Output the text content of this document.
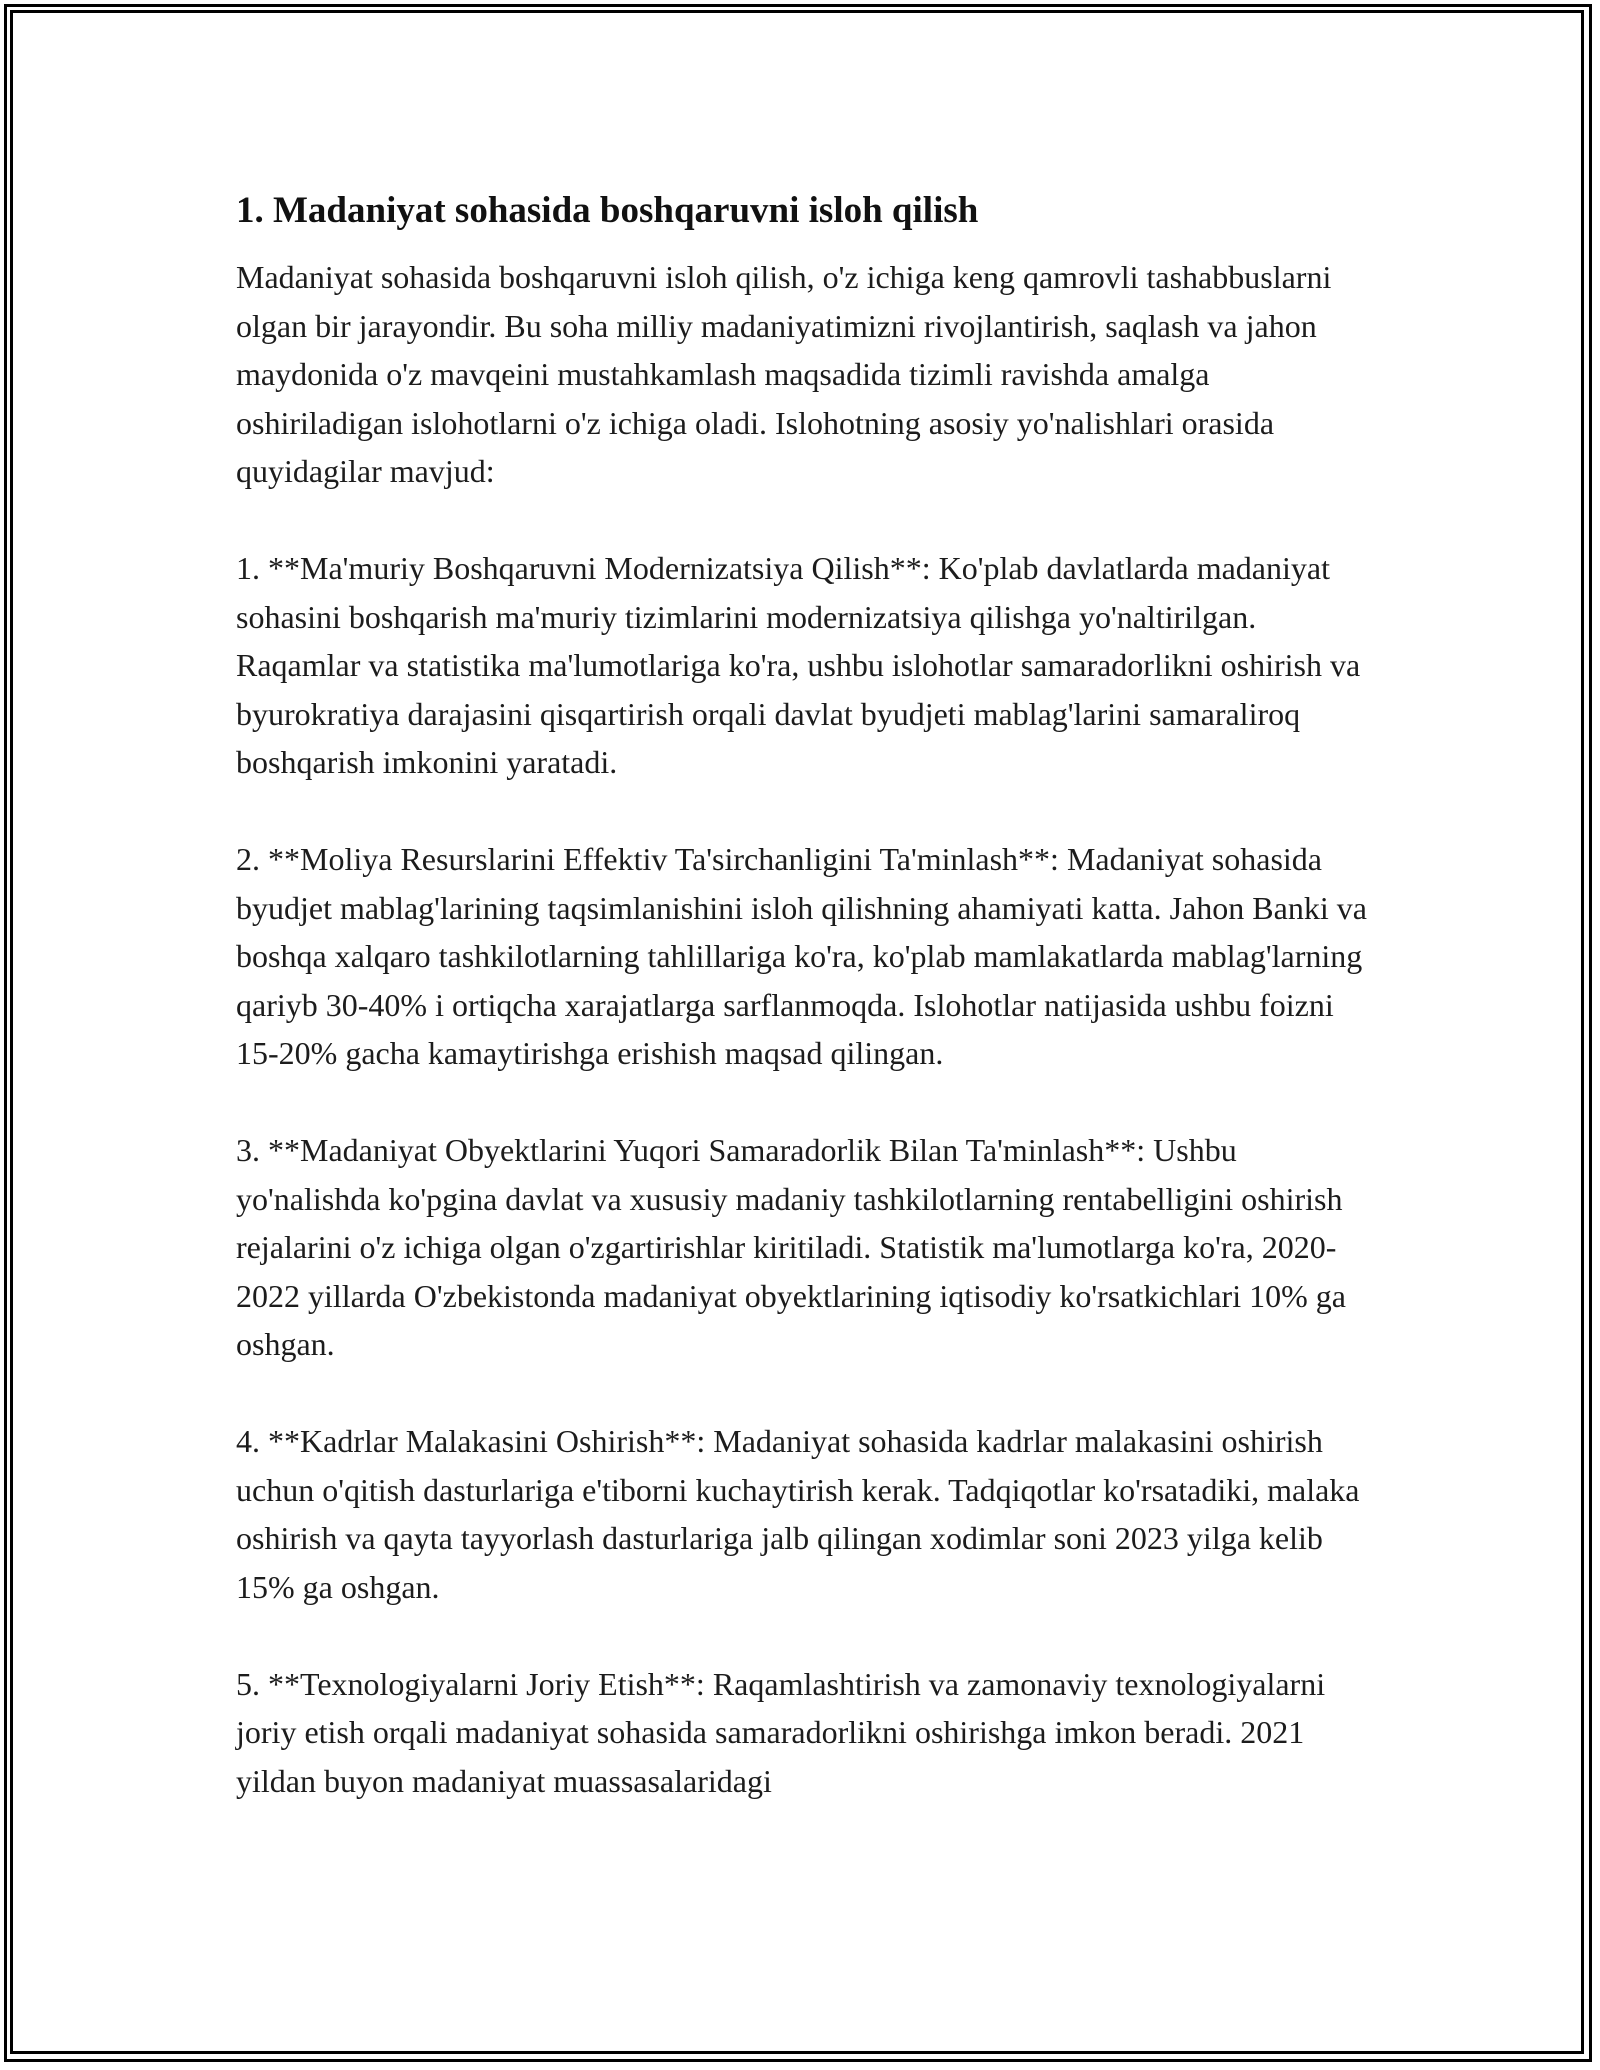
1. Madaniyat sohasida boshqaruvni isloh qilish

Madaniyat sohasida boshqaruvni isloh qilish, o'z ichiga keng qamrovli tashabbuslarni olgan bir jarayondir. Bu soha milliy madaniyatimizni rivojlantirish, saqlash va jahon maydonida o'z mavqeini mustahkamlash maqsadida tizimli ravishda amalga oshiriladigan islohotlarni o'z ichiga oladi. Islohotning asosiy yo'nalishlari orasida quyidagilar mavjud:

1. **Ma'muriy Boshqaruvni Modernizatsiya Qilish**: Ko'plab davlatlarda madaniyat sohasini boshqarish ma'muriy tizimlarini modernizatsiya qilishga yo'naltirilgan. Raqamlar va statistika ma'lumotlariga ko'ra, ushbu islohotlar samaradorlikni oshirish va byurokratiya darajasini qisqartirish orqali davlat byudjeti mablag'larini samaraliroq boshqarish imkonini yaratadi.

2. **Moliya Resurslarini Effektiv Ta'sirchanligini Ta'minlash**: Madaniyat sohasida byudjet mablag'larining taqsimlanishini isloh qilishning ahamiyati katta. Jahon Banki va boshqa xalqaro tashkilotlarning tahlillariga ko'ra, ko'plab mamlakatlarda mablag'larning qariyb 30-40% i ortiqcha xarajatlarga sarflanmoqda. Islohotlar natijasida ushbu foizni 15-20% gacha kamaytirishga erishish maqsad qilingan.

3. **Madaniyat Obyektlarini Yuqori Samaradorlik Bilan Ta'minlash**: Ushbu yo'nalishda ko'pgina davlat va xususiy madaniy tashkilotlarning rentabelligini oshirish rejalarini o'z ichiga olgan o'zgartirishlar kiritiladi. Statistik ma'lumotlarga ko'ra, 2020-2022 yillarda O'zbekistonda madaniyat obyektlarining iqtisodiy ko'rsatkichlari 10% ga oshgan.

4. **Kadrlar Malakasini Oshirish**: Madaniyat sohasida kadrlar malakasini oshirish uchun o'qitish dasturlariga e'tiborni kuchaytirish kerak. Tadqiqotlar ko'rsatadiki, malaka oshirish va qayta tayyorlash dasturlariga jalb qilingan xodimlar soni 2023 yilga kelib 15% ga oshgan.

5. **Texnologiyalarni Joriy Etish**: Raqamlashtirish va zamonaviy texnologiyalarni joriy etish orqali madaniyat sohasida samaradorlikni oshirishga imkon beradi. 2021 yildan buyon madaniyat muassasalaridagi
